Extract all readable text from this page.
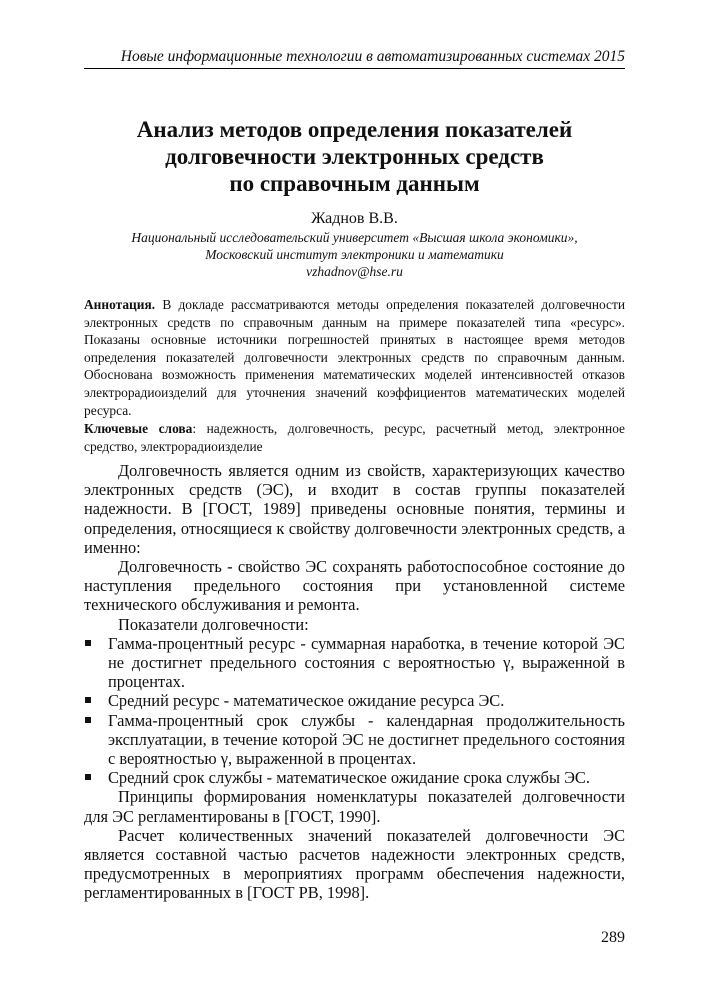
Новые информационные технологии в автоматизированных системах 2015
Анализ методов определения показателей
долговечности электронных средств
по справочным данным
Жаднов В.В.
Национальный исследовательский университет «Высшая школа экономики»,
Московский институт электроники и математики
vzhadnov@hse.ru
Аннотация. В докладе рассматриваются методы определения показателей долговечности электронных средств по справочным данным на примере показателей типа «ресурс». Показаны основные источники погрешностей принятых в настоящее время методов определения показателей долговечности электронных средств по справочным данным. Обоснована возможность применения математических моделей интенсивностей отказов электрорадиоизделий для уточнения значений коэффициентов математических моделей ресурса.
Ключевые слова: надежность, долговечность, ресурс, расчетный метод, электронное средство, электрорадиоизделие

Долговечность является одним из свойств, характеризующих качество электронных средств (ЭС), и входит в состав группы показателей надежности. В [ГОСТ, 1989] приведены основные понятия, термины и определения, относящиеся к свойству долговечности электронных средств, а именно:

Долговечность - свойство ЭС сохранять работоспособное состояние до наступления предельного состояния при установленной системе технического обслуживания и ремонта.

Показатели долговечности:

Гамма-процентный ресурс - суммарная наработка, в течение которой ЭС не достигнет предельного состояния с вероятностью γ, выраженной в процентах.
Средний ресурс - математическое ожидание ресурса ЭС.
Гамма-процентный срок службы - календарная продолжительность эксплуатации, в течение которой ЭС не достигнет предельного состояния с вероятностью γ, выраженной в процентах.
Средний срок службы - математическое ожидание срока службы ЭС.

Принципы формирования номенклатуры показателей долговечности для ЭС регламентированы в [ГОСТ, 1990].

Расчет количественных значений показателей долговечности ЭС является составной частью расчетов надежности электронных средств, предусмотренных в мероприятиях программ обеспечения надежности, регламентированных в [ГОСТ РВ, 1998].

289
